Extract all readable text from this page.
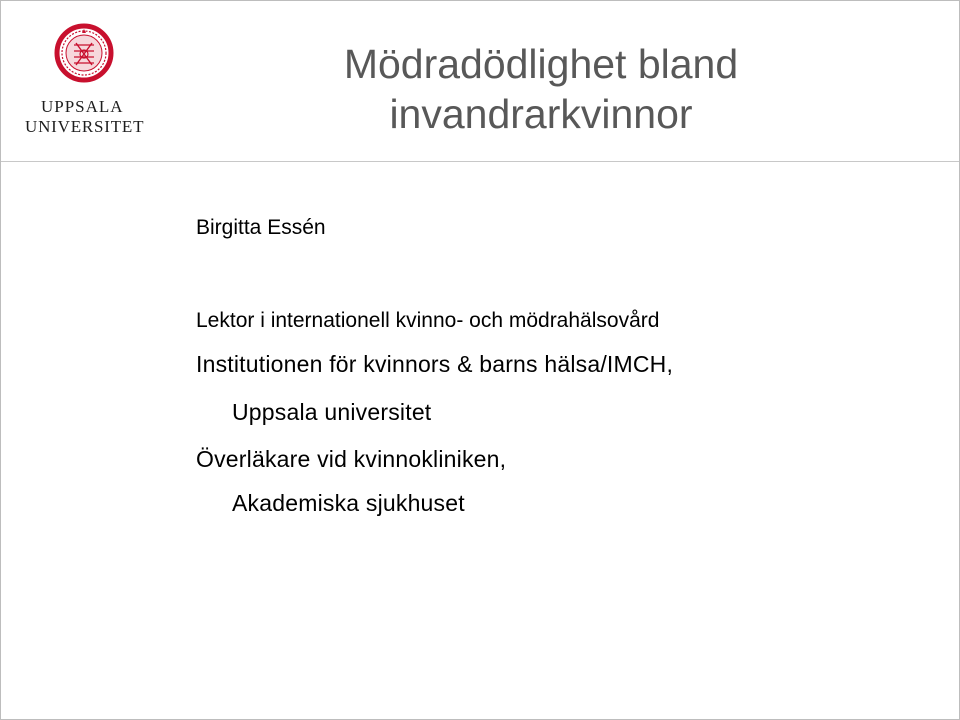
UPPSALA
UNIVERSITET
Mödradödlighet bland
invandrarkvinnor
Birgitta Essén
Lektor i internationell kvinno- och mödrahälsovård
Institutionen för kvinnors & barns hälsa/IMCH,
Uppsala universitet
Överläkare vid kvinnokliniken,
Akademiska sjukhuset
